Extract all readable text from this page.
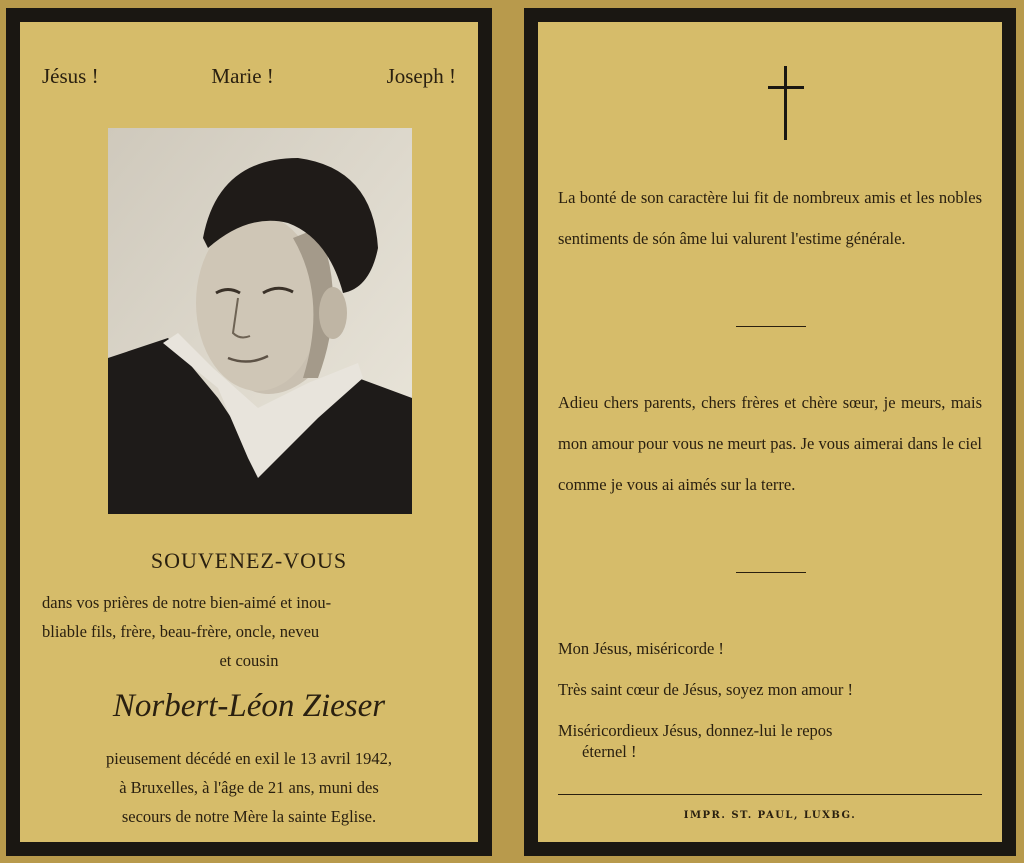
Jésus !	Marie !	Joseph !
SOUVENEZ-VOUS
dans vos prières de notre bien-aimé et inou-
bliable fils, frère, beau-frère, oncle, neveu
et cousin
Norbert-Léon Zieser
pieusement décédé en exil le 13 avril 1942,
à Bruxelles, à l'âge de 21 ans, muni des
secours de notre Mère la sainte Eglise.
La bonté de son caractère lui fit de nombreux amis et les nobles sentiments de són âme lui valurent l'estime générale.
Adieu chers parents, chers frères et chère sœur, je meurs, mais mon amour pour vous ne meurt pas. Je vous aimerai dans le ciel comme je vous ai aimés sur la terre.
Mon Jésus, miséricorde !
Très saint cœur de Jésus, soyez mon amour !
Miséricordieux Jésus, donnez-lui le repos
éternel !
IMPR. ST. PAUL, LUXBG.
